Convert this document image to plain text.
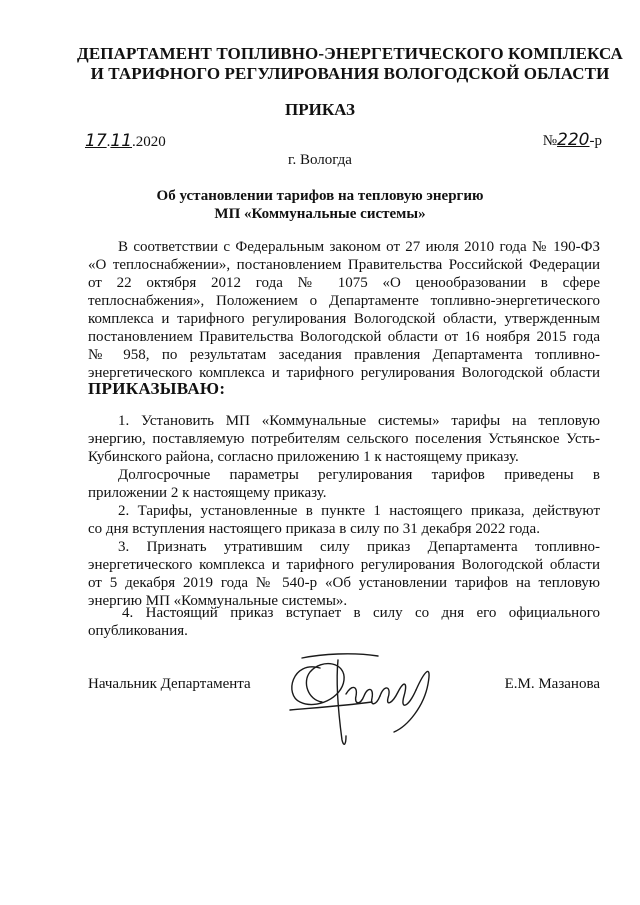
ДЕПАРТАМЕНТ ТОПЛИВНО-ЭНЕРГЕТИЧЕСКОГО КОМПЛЕКСА
И ТАРИФНОГО РЕГУЛИРОВАНИЯ ВОЛОГОДСКОЙ ОБЛАСТИ
ПРИКАЗ
17.11.2020	№220-р
г. Вологда
Об установлении тарифов на тепловую энергию
МП «Коммунальные системы»
В соответствии с Федеральным законом от 27 июля 2010 года № 190-ФЗ
«О теплоснабжении», постановлением Правительства Российской Федерации
от 22 октября 2012 года № 1075 «О ценообразовании в сфере
теплоснабжения», Положением о Департаменте топливно-энергетического
комплекса и тарифного регулирования Вологодской области, утвержденным
постановлением Правительства Вологодской области от 16 ноября 2015 года
№ 958, по результатам заседания правления Департамента топливно-
энергетического комплекса и тарифного регулирования Вологодской области
ПРИКАЗЫВАЮ:
1. Установить МП «Коммунальные системы» тарифы на тепловую
энергию, поставляемую потребителям сельского поселения Устьянское Усть-
Кубинского района, согласно приложению 1 к настоящему приказу.
Долгосрочные параметры регулирования тарифов приведены в
приложении 2 к настоящему приказу.
2. Тарифы, установленные в пункте 1 настоящего приказа, действуют
со дня вступления настоящего приказа в силу по 31 декабря 2022 года.
3. Признать утратившим силу приказ Департамента топливно-
энергетического комплекса и тарифного регулирования Вологодской области
от 5 декабря 2019 года № 540-р «Об установлении тарифов на тепловую
энергию МП «Коммунальные системы».
4. Настоящий приказ вступает в силу со дня его официального
опубликования.
Начальник Департамента	Е.М. Мазанова
